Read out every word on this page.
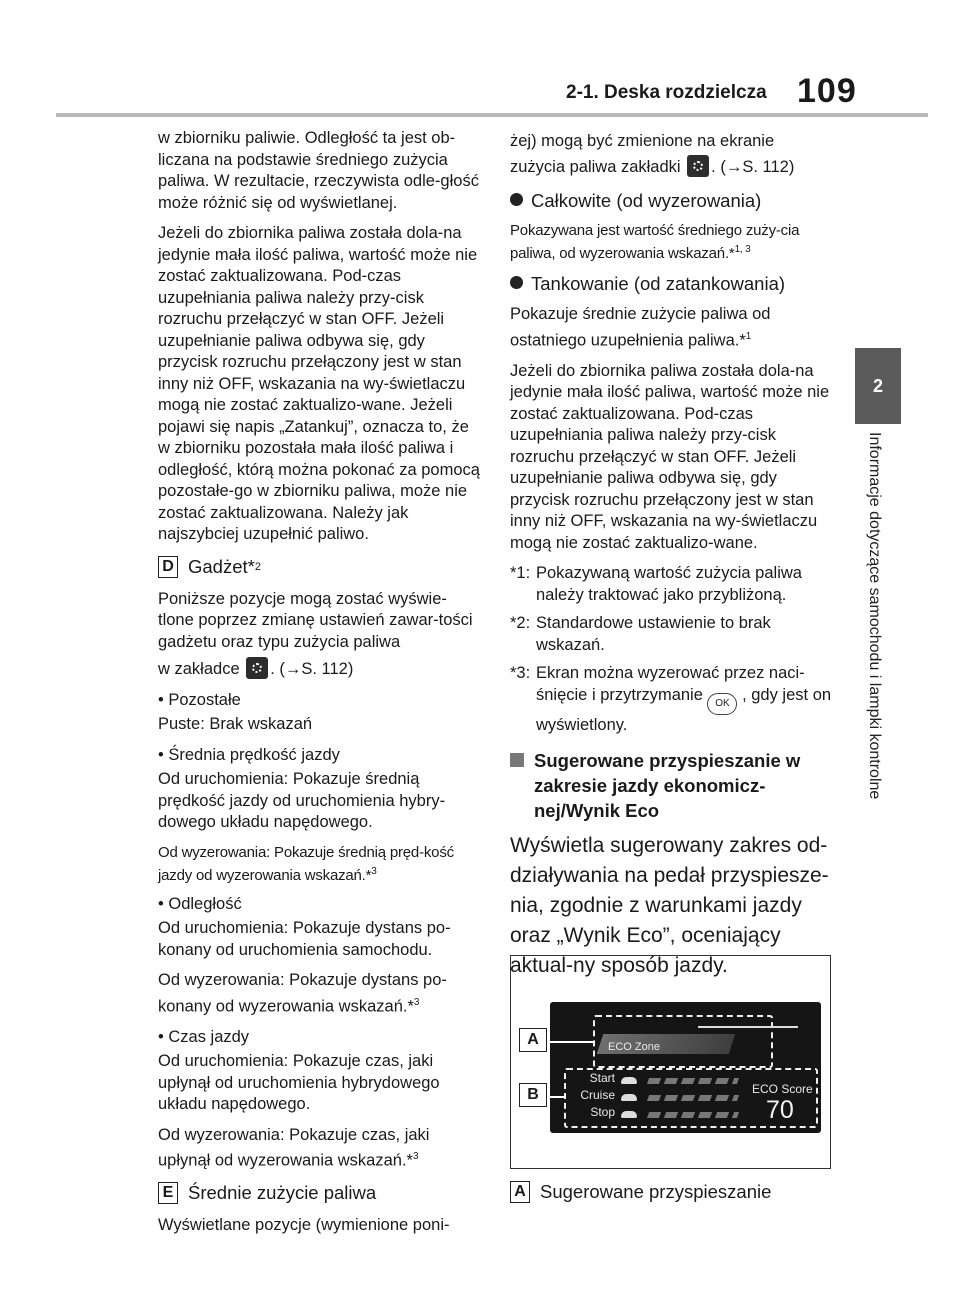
2-1. Deska rozdzielcza 109
2
Informacje dotyczące samochodu i lampki kontrolne

w zbiorniku paliwie. Odległość ta jest ob-liczana na podstawie średniego zużycia paliwa. W rezultacie, rzeczywista odle-głość może różnić się od wyświetlanej.

Jeżeli do zbiornika paliwa została dola-na jedynie mała ilość paliwa, wartość może nie zostać zaktualizowana. Pod-czas uzupełniania paliwa należy przy-cisk rozruchu przełączyć w stan OFF. Jeżeli uzupełnianie paliwa odbywa się, gdy przycisk rozruchu przełączony jest w stan inny niż OFF, wskazania na wy-świetlaczu mogą nie zostać zaktualizo-wane. Jeżeli pojawi się napis „Zatankuj”, oznacza to, że w zbiorniku pozostała mała ilość paliwa i odległość, którą można pokonać za pomocą pozostałe-go w zbiorniku paliwa, może nie zostać zaktualizowana. Należy jak najszybciej uzupełnić paliwo.

D Gadżet* 2

Poniższe pozycje mogą zostać wyświe-tlone poprzez zmianę ustawień zawar-tości gadżetu oraz typu zużycia paliwa

w zakładce . (→S. 112)

• Pozostałe

Puste: Brak wskazań

• Średnia prędkość jazdy

Od uruchomienia: Pokazuje średnią prędkość jazdy od uruchomienia hybry-dowego układu napędowego.

Od wyzerowania: Pokazuje średnią pręd-kość jazdy od wyzerowania wskazań.*$^3$

• Odległość

Od uruchomienia: Pokazuje dystans po-konany od uruchomienia samochodu.

Od wyzerowania: Pokazuje dystans po-konany od wyzerowania wskazań.*$^3$

• Czas jazdy

Od uruchomienia: Pokazuje czas, jaki upłynął od uruchomienia hybrydowego układu napędowego.

Od wyzerowania: Pokazuje czas, jaki upłynął od wyzerowania wskazań.*$^3$

E Średnie zużycie paliwa

Wyświetlane pozycje (wymienione poni-

żej) mogą być zmienione na ekranie zużycia paliwa zakładki . (→S. 112)

Całkowite (od wyzerowania)

Pokazywana jest wartość średniego zuży-cia paliwa, od wyzerowania wskazań.*$^{1, 3}$

Tankowanie (od zatankowania)

Pokazuje średnie zużycie paliwa od ostatniego uzupełnienia paliwa.*$^1$

Jeżeli do zbiornika paliwa została dola-na jedynie mała ilość paliwa, wartość może nie zostać zaktualizowana. Pod-czas uzupełniania paliwa należy przy-cisk rozruchu przełączyć w stan OFF. Jeżeli uzupełnianie paliwa odbywa się, gdy przycisk rozruchu przełączony jest w stan inny niż OFF, wskazania na wy-świetlaczu mogą nie zostać zaktualizo-wane.

*1: Pokazywaną wartość zużycia paliwa należy traktować jako przybliżoną.
*2: Standardowe ustawienie to brak wskazań.
*3: Ekran można wyzerować przez naci-śnięcie i przytrzymanie OK , gdy jest on wyświetlony.
Sugerowane przyspieszanie w zakresie jazdy ekonomicz-nej/Wynik Eco

Wyświetla sugerowany zakres od-działywania na pedał przyspiesze-nia, zgodnie z warunkami jazdy oraz „Wynik Eco”, oceniający aktual-ny sposób jazdy.

ECO Zone
Start
Cruise
Stop
ECO Score
70
A
B
A Sugerowane przyspieszanie
